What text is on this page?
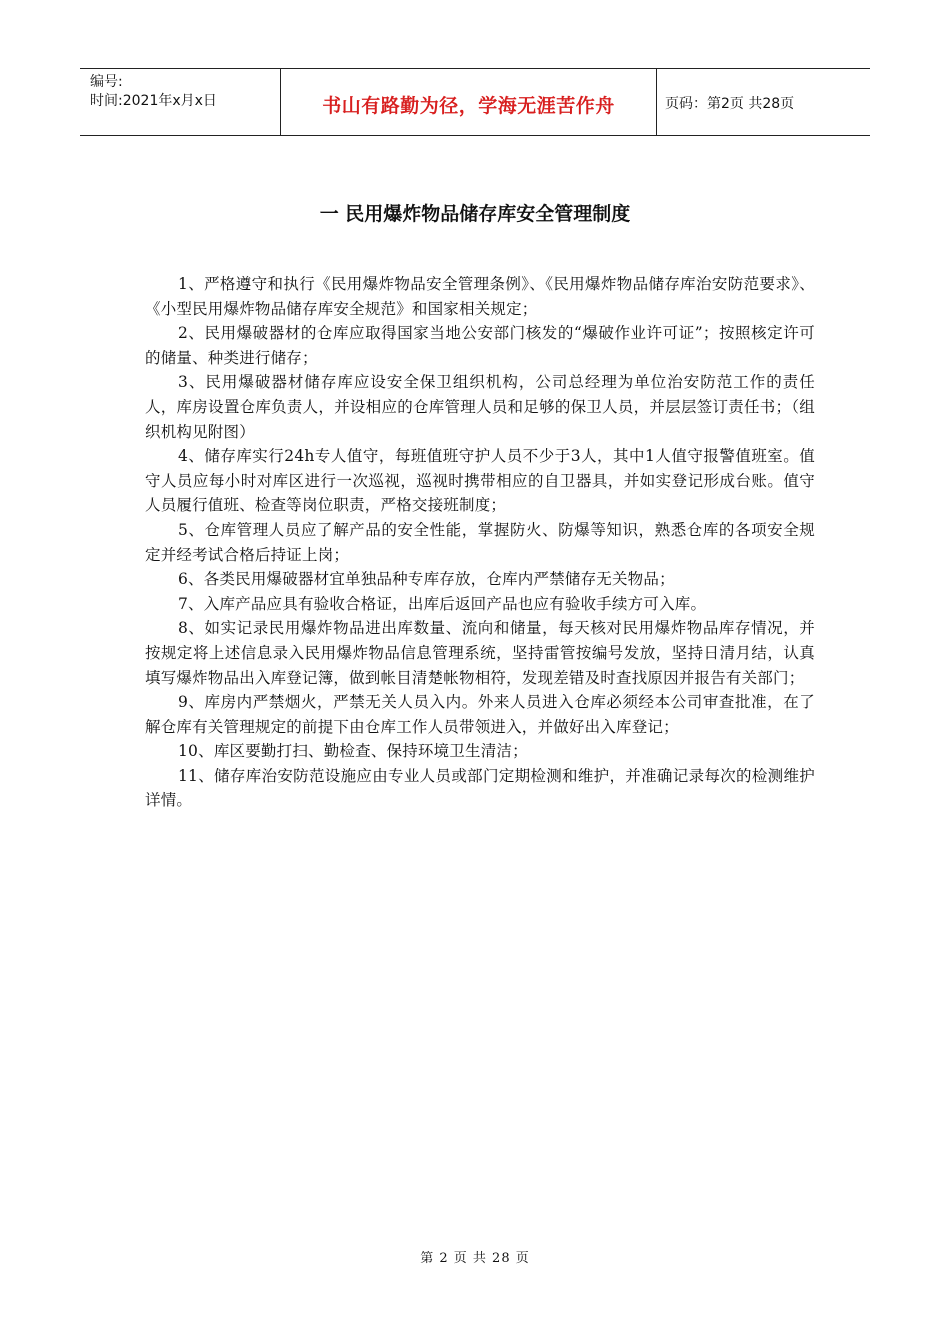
编号:
时间:2021年x月x日	书山有路勤为径，学海无涯苦作舟	页码：第2页 共28页
一 民用爆炸物品储存库安全管理制度

1、严格遵守和执行《民用爆炸物品安全管理条例》、《民用爆炸物品储存库治安防范要求》、《小型民用爆炸物品储存库安全规范》和国家相关规定；

2、民用爆破器材的仓库应取得国家当地公安部门核发的“爆破作业许可证”；按照核定许可的储量、种类进行储存；

3、民用爆破器材储存库应设安全保卫组织机构，公司总经理为单位治安防范工作的责任人，库房设置仓库负责人，并设相应的仓库管理人员和足够的保卫人员，并层层签订责任书；（组织机构见附图）

4、储存库实行24h专人值守，每班值班守护人员不少于3人，其中1人值守报警值班室。值守人员应每小时对库区进行一次巡视，巡视时携带相应的自卫器具，并如实登记形成台账。值守人员履行值班、检查等岗位职责，严格交接班制度；

5、仓库管理人员应了解产品的安全性能，掌握防火、防爆等知识，熟悉仓库的各项安全规定并经考试合格后持证上岗；

6、各类民用爆破器材宜单独品种专库存放，仓库内严禁储存无关物品；

7、入库产品应具有验收合格证，出库后返回产品也应有验收手续方可入库。

8、如实记录民用爆炸物品进出库数量、流向和储量，每天核对民用爆炸物品库存情况，并按规定将上述信息录入民用爆炸物品信息管理系统，坚持雷管按编号发放，坚持日清月结，认真填写爆炸物品出入库登记簿，做到帐目清楚帐物相符，发现差错及时查找原因并报告有关部门；

9、库房内严禁烟火，严禁无关人员入内。外来人员进入仓库必须经本公司审查批准，在了解仓库有关管理规定的前提下由仓库工作人员带领进入，并做好出入库登记；

10、库区要勤打扫、勤检查、保持环境卫生清洁；

11、储存库治安防范设施应由专业人员或部门定期检测和维护，并准确记录每次的检测维护详情。

第 2 页 共 28 页
